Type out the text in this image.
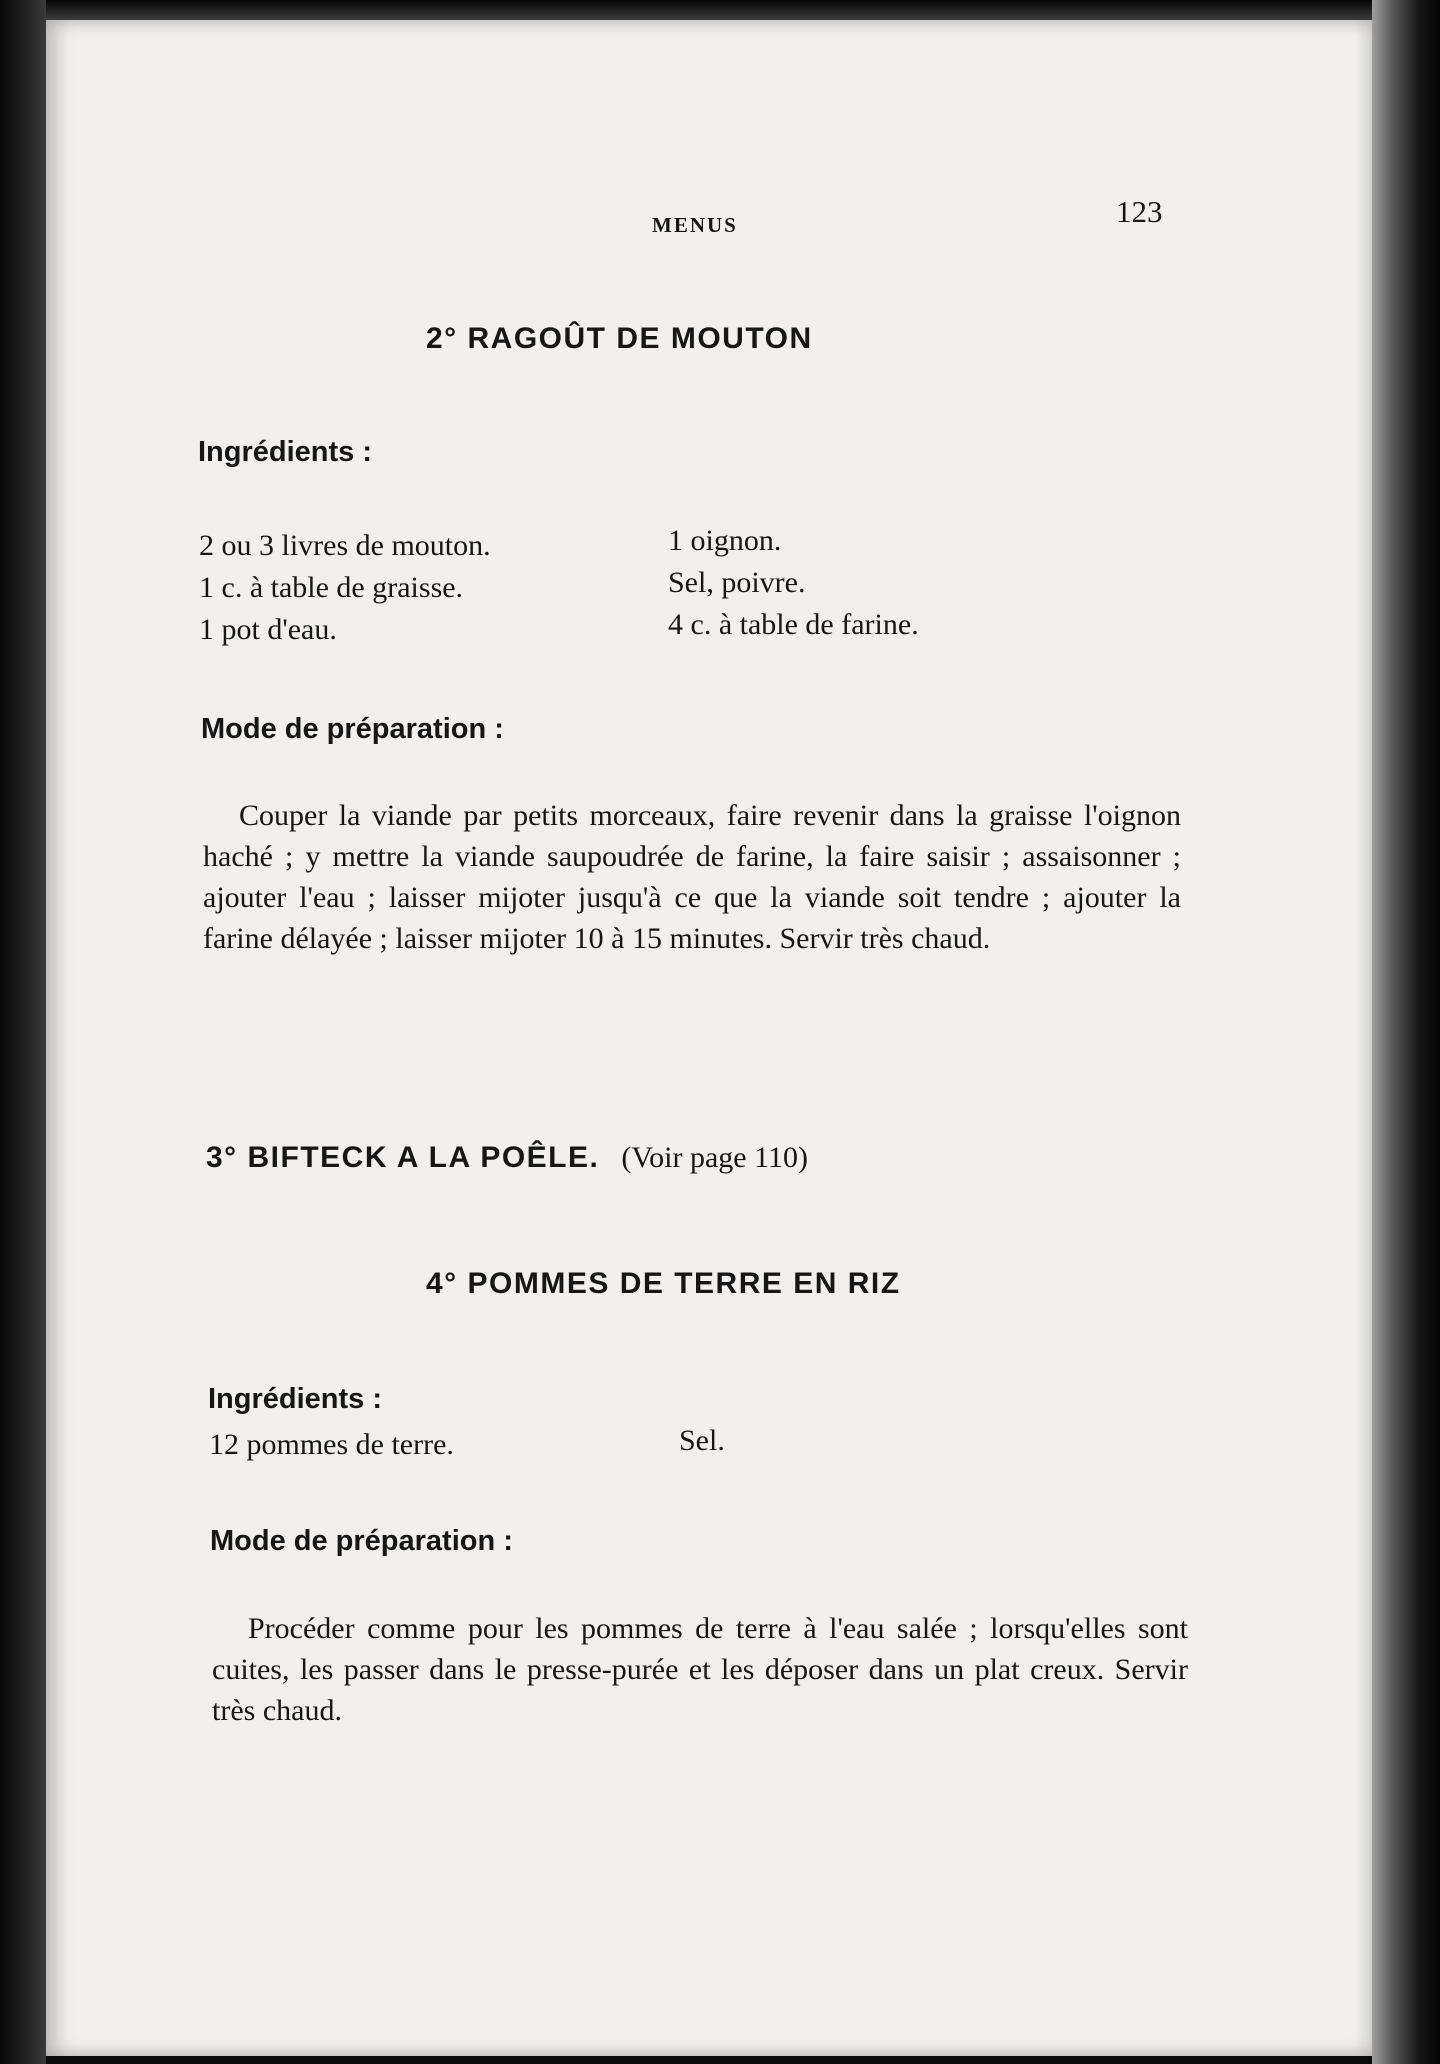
MENUS	123
2° RAGOÛT DE MOUTON
Ingrédients :
2 ou 3 livres de mouton.
1 c. à table de graisse.
1 pot d'eau.
1 oignon.
Sel, poivre.
4 c. à table de farine.
Mode de préparation :

Couper la viande par petits morceaux, faire revenir dans la graisse l'oignon haché ; y mettre la viande saupoudrée de farine, la faire saisir ; assaisonner ; ajouter l'eau ; laisser mijoter jusqu'à ce que la viande soit tendre ; ajouter la farine délayée ; laisser mijoter 10 à 15 minutes. Servir très chaud.

3° BIFTECK A LA POÊLE. (Voir page 110)
4° POMMES DE TERRE EN RIZ
Ingrédients :
12 pommes de terre.	Sel.
Mode de préparation :

Procéder comme pour les pommes de terre à l'eau salée ; lorsqu'elles sont cuites, les passer dans le presse-purée et les déposer dans un plat creux. Servir très chaud.
